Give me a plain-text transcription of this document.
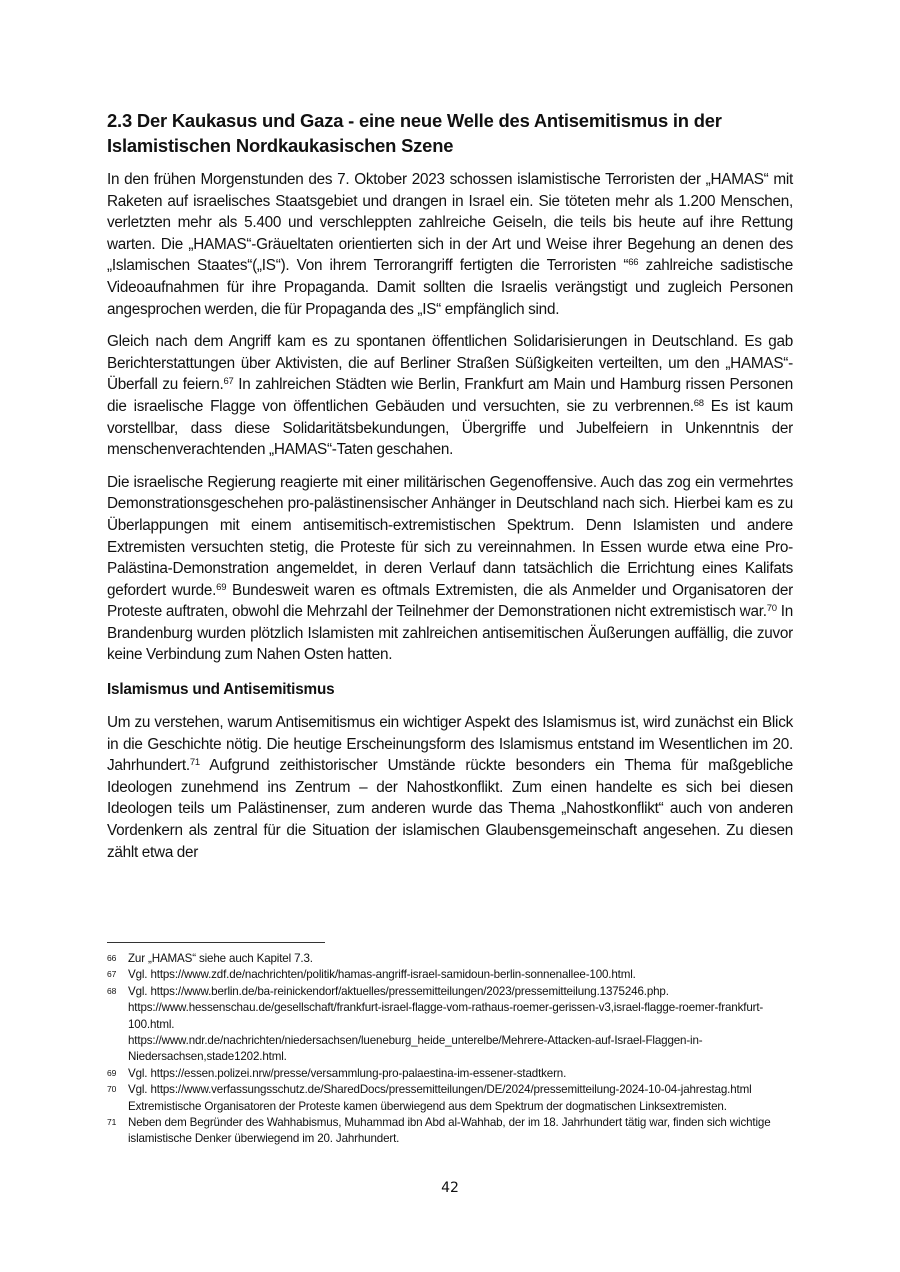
2.3 Der Kaukasus und Gaza - eine neue Welle des Antisemitismus in der Islamistischen Nordkaukasischen Szene

In den frühen Morgenstunden des 7. Oktober 2023 schossen islamistische Terroristen der „HAMAS“ mit Raketen auf israelisches Staatsgebiet und drangen in Israel ein. Sie töteten mehr als 1.200 Menschen, verletzten mehr als 5.400 und verschleppten zahlreiche Geiseln, die teils bis heute auf ihre Rettung warten. Die „HAMAS“-Gräueltaten orientierten sich in der Art und Weise ihrer Begehung an denen des „Islamischen Staates“(„IS“). Von ihrem Terrorangriff fertigten die Terroristen “$^{66}$ zahlreiche sadistische Videoaufnahmen für ihre Propaganda. Damit sollten die Israelis verängstigt und zugleich Personen angesprochen werden, die für Propaganda des „IS“ empfänglich sind.

Gleich nach dem Angriff kam es zu spontanen öffentlichen Solidarisierungen in Deutschland. Es gab Berichterstattungen über Aktivisten, die auf Berliner Straßen Süßigkeiten verteilten, um den „HAMAS“-Überfall zu feiern.$^{67}$ In zahlreichen Städten wie Berlin, Frankfurt am Main und Hamburg rissen Personen die israelische Flagge von öffentlichen Gebäuden und versuchten, sie zu verbrennen.$^{68}$ Es ist kaum vorstellbar, dass diese Solidaritätsbekundungen, Übergriffe und Jubelfeiern in Unkenntnis der menschenverachtenden „HAMAS“-Taten geschahen.

Die israelische Regierung reagierte mit einer militärischen Gegenoffensive. Auch das zog ein vermehrtes Demonstrationsgeschehen pro-palästinensischer Anhänger in Deutschland nach sich. Hierbei kam es zu Überlappungen mit einem antisemitisch-extremistischen Spektrum. Denn Islamisten und andere Extremisten versuchten stetig, die Proteste für sich zu vereinnahmen. In Essen wurde etwa eine Pro-Palästina-Demonstration angemeldet, in deren Verlauf dann tatsächlich die Errichtung eines Kalifats gefordert wurde.$^{69}$ Bundesweit waren es oftmals Extremisten, die als Anmelder und Organisatoren der Proteste auftraten, obwohl die Mehrzahl der Teilnehmer der Demonstrationen nicht extremistisch war.$^{70}$ In Brandenburg wurden plötzlich Islamisten mit zahlreichen antisemitischen Äußerungen auffällig, die zuvor keine Verbindung zum Nahen Osten hatten.

Islamismus und Antisemitismus

Um zu verstehen, warum Antisemitismus ein wichtiger Aspekt des Islamismus ist, wird zunächst ein Blick in die Geschichte nötig. Die heutige Erscheinungsform des Islamismus entstand im Wesentlichen im 20. Jahrhundert.$^{71}$ Aufgrund zeithistorischer Umstände rückte besonders ein Thema für maßgebliche Ideologen zunehmend ins Zentrum – der Nahostkonflikt. Zum einen handelte es sich bei diesen Ideologen teils um Palästinenser, zum anderen wurde das Thema „Nahostkonflikt“ auch von anderen Vordenkern als zentral für die Situation der islamischen Glaubensgemeinschaft angesehen. Zu diesen zählt etwa der

66	Zur „HAMAS“ siehe auch Kapitel 7.3.
67	Vgl. https://www.zdf.de/nachrichten/politik/hamas-angriff-israel-samidoun-berlin-sonnenallee-100.html.
68	Vgl. https://www.berlin.de/ba-reinickendorf/aktuelles/pressemitteilungen/2023/pressemitteilung.1375246.php.
https://www.hessenschau.de/gesellschaft/frankfurt-israel-flagge-vom-rathaus-roemer-gerissen-v3,israel-flagge-roemer-frankfurt-100.html.
https://www.ndr.de/nachrichten/niedersachsen/lueneburg_heide_unterelbe/Mehrere-Attacken-auf-Israel-Flaggen-in-Niedersachsen,stade1202.html.
69	Vgl. https://essen.polizei.nrw/presse/versammlung-pro-palaestina-im-essener-stadtkern.
70	Vgl. https://www.verfassungsschutz.de/SharedDocs/pressemitteilungen/DE/2024/pressemitteilung-2024-10-04-jahrestag.html Extremistische Organisatoren der Proteste kamen überwiegend aus dem Spektrum der dogmatischen Linksextremisten.
71	Neben dem Begründer des Wahhabismus, Muhammad ibn Abd al-Wahhab, der im 18. Jahrhundert tätig war, finden sich wichtige islamistische Denker überwiegend im 20. Jahrhundert.
42
